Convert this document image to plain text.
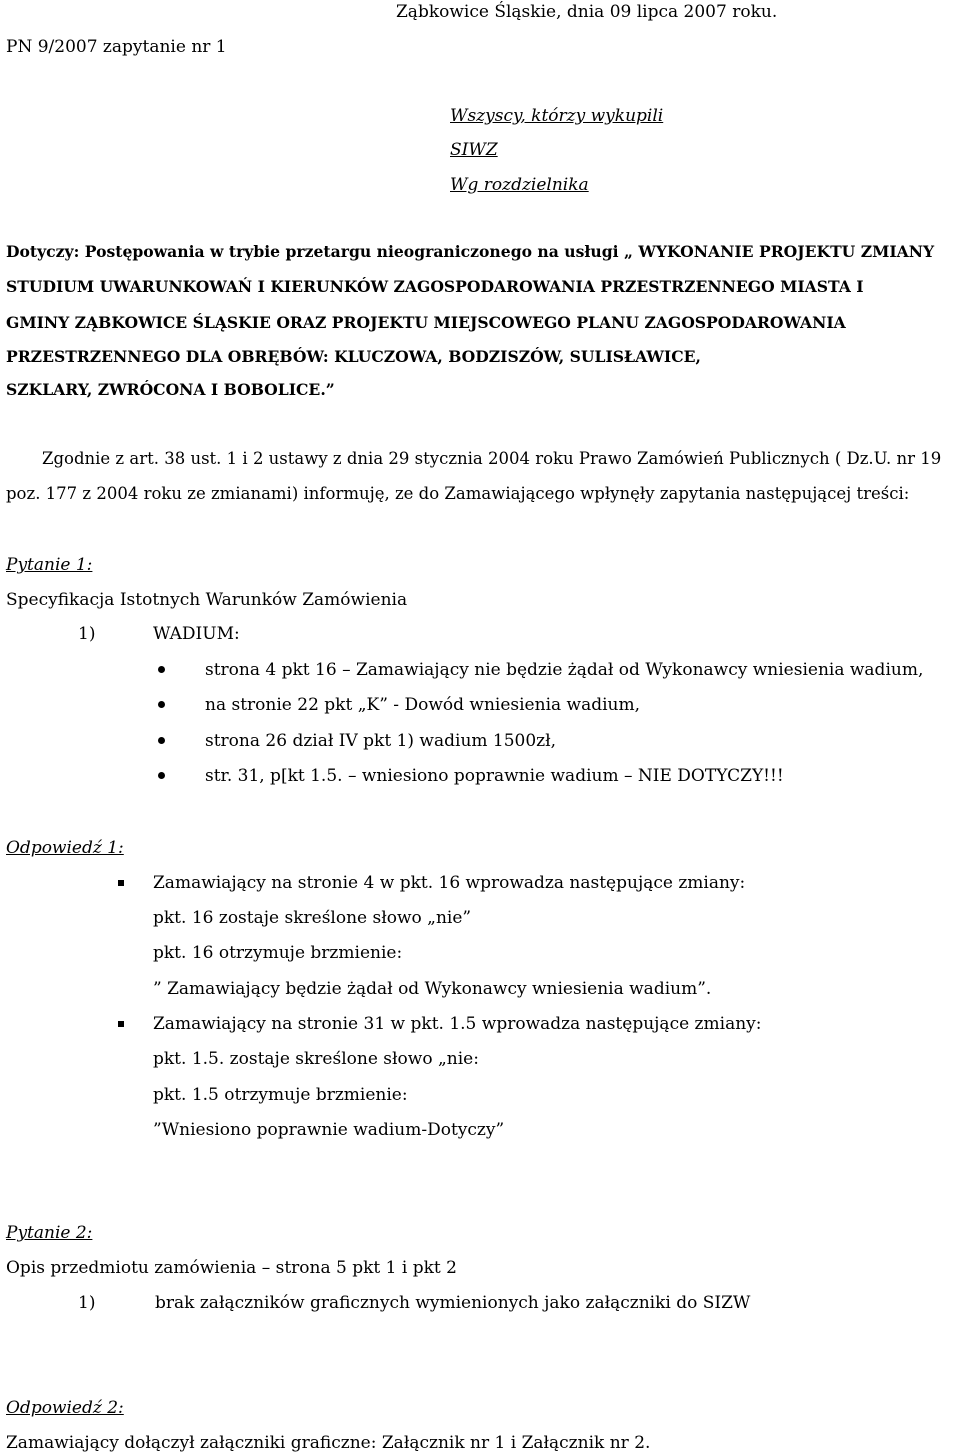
Ząbkowice Śląskie, dnia 09 lipca 2007 roku.
PN 9/2007 zapytanie nr 1
Wszyscy, którzy wykupili
SIWZ
Wg rozdzielnika
Dotyczy: Postępowania w trybie przetargu nieograniczonego na usługi „ WYKONANIE PROJEKTU ZMIANY
STUDIUM UWARUNKOWAŃ I KIERUNKÓW ZAGOSPODAROWANIA PRZESTRZENNEGO MIASTA I
GMINY ZĄBKOWICE ŚLĄSKIE ORAZ PROJEKTU MIEJSCOWEGO PLANU ZAGOSPODAROWANIA
PRZESTRZENNEGO DLA OBRĘBÓW: KLUCZOWA, BODZISZÓW, SULISŁAWICE,
SZKLARY, ZWRÓCONA I BOBOLICE.”
Zgodnie z art. 38 ust. 1 i 2 ustawy z dnia 29 stycznia 2004 roku Prawo Zamówień Publicznych ( Dz.U. nr 19
poz. 177 z 2004 roku ze zmianami) informuję, ze do Zamawiającego wpłynęły zapytania następującej treści:
Pytanie 1:
Specyfikacja Istotnych Warunków Zamówienia
1)	WADIUM:
strona 4 pkt 16 – Zamawiający nie będzie żądał od Wykonawcy wniesienia wadium,
na stronie 22 pkt „K” - Dowód wniesienia wadium,
strona 26 dział IV pkt 1) wadium 1500zł,
str. 31, p[kt 1.5. – wniesiono poprawnie wadium – NIE DOTYCZY!!!
Odpowiedź 1:
Zamawiający na stronie 4 w pkt. 16 wprowadza następujące zmiany:
pkt. 16 zostaje skreślone słowo „nie”
pkt. 16 otrzymuje brzmienie:
” Zamawiający będzie żądał od Wykonawcy wniesienia wadium”.
Zamawiający na stronie 31 w pkt. 1.5 wprowadza następujące zmiany:
pkt. 1.5. zostaje skreślone słowo „nie:
pkt. 1.5 otrzymuje brzmienie:
”Wniesiono poprawnie wadium-Dotyczy”
Pytanie 2:
Opis przedmiotu zamówienia – strona 5 pkt 1 i pkt 2
1)	brak załączników graficznych wymienionych jako załączniki do SIZW
Odpowiedź 2:
Zamawiający dołączył załączniki graficzne: Załącznik nr 1 i Załącznik nr 2.
